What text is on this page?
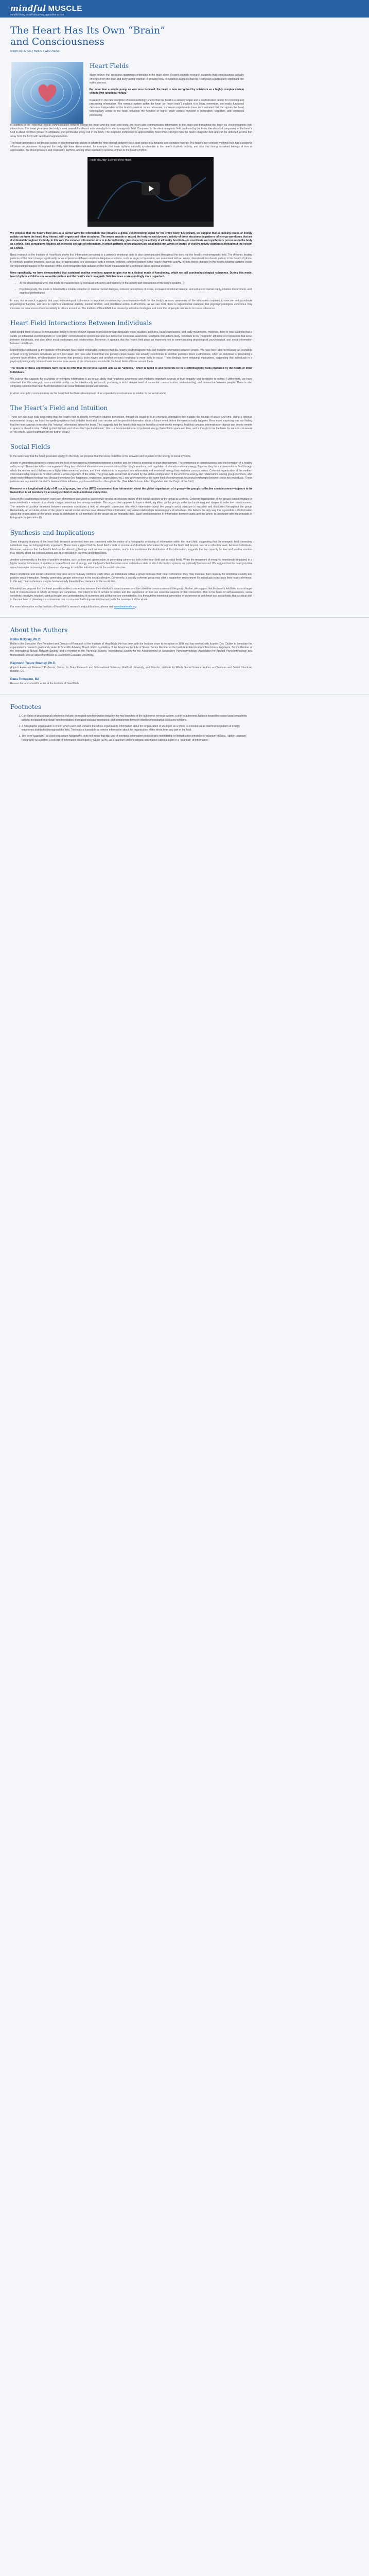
mindful MUSCLE
mindful living is self-discovery, a positive action
The Heart Has Its Own “Brain” and Consciousness
MINDFULLIVING | BRAIN / WELLNESS
Heart Fields

Many believe that conscious awareness originates in the brain alone. Recent scientific research suggests that consciousness actually emerges from the brain and body acting together. A growing body of evidence suggests that the heart plays a particularly significant role in this process.

Far more than a simple pump, as was once believed, the heart is now recognized by scientists as a highly complex system with its own functional “brain.”

Research in the new discipline of neurocardiology shows that the heart is a sensory organ and a sophisticated center for receiving and processing information. The nervous system within the heart (or “heart brain”) enables it to learn, remember, and make functional decisions independent of the brain’s cerebral cortex. Moreover, numerous experiments have demonstrated that the signals the heart continuously sends to the brain influence the function of higher brain centers involved in perception, cognition, and emotional processing.

In addition to the extensive neural communication network linking the heart and the brain and body, the heart also communicates information to the brain and throughout the body via electromagnetic field interactions. The heart generates the body’s most powerful and most extensive rhythmic electromagnetic field. Compared to the electromagnetic field produced by the brain, the electrical component of the heart’s field is about 60 times greater in amplitude, and permeates every cell in the body. The magnetic component is approximately 5000 times stronger than the brain’s magnetic field and can be detected several feet away from the body with sensitive magnetometers.

The heart generates a continuous series of electromagnetic pulses in which the time interval between each beat varies in a dynamic and complex manner. The heart’s ever-present rhythmic field has a powerful influence on processes throughout the body. We have demonstrated, for example, that brain rhythms naturally synchronize to the heart’s rhythmic activity, and also that during sustained feelings of love or appreciation, the blood pressure and respiratory rhythms, among other oscillatory systems, entrain to the heart’s rhythm.

Rollin McCraty: Science of the Heart

We propose that the heart’s field acts as a carrier wave for information that provides a global synchronizing signal for the entire body. Specifically, we suggest that as pulsing waves of energy radiate out from the heart, they interact with organs and other structures. The waves encode or record the features and dynamic activity of these structures in patterns of energy waveforms that are distributed throughout the body. In this way, the encoded information acts to in-form (literally, give shape to) the activity of all bodily functions—to coordinate and synchronize processes in the body as a whole. This perspective requires an energetic concept of information, in which patterns of organization are embedded into waves of energy of system activity distributed throughout the system as a whole.

Basic research at the Institute of HeartMath shows that information pertaining to a person’s emotional state is also communicated throughout the body via the heart’s electromagnetic field. The rhythmic beating patterns of the heart change significantly as we experience different emotions. Negative emotions, such as anger or frustration, are associated with an erratic, disordered, incoherent pattern in the heart’s rhythms. In contrast, positive emotions, such as love or appreciation, are associated with a smooth, ordered, coherent pattern in the heart’s rhythmic activity. In turn, these changes in the heart’s beating patterns create corresponding changes in the structure of the electromagnetic field radiated by the heart, measurable by a technique called spectral analysis.

More specifically, we have demonstrated that sustained positive emotions appear to give rise to a distinct mode of functioning, which we call psychophysiological coherence. During this mode, heart rhythms exhibit a sine wave-like pattern and the heart’s electromagnetic field becomes correspondingly more organized.

• At the physiological level, this mode is characterized by increased efficiency and harmony in the activity and interactions of the body’s systems. (¹)
• Psychologically, this mode is linked with a notable reduction in internal mental dialogue, reduced perceptions of stress, increased emotional balance, and enhanced mental clarity, intuitive discernment, and cognitive performance.

In sum, our research suggests that psychophysiological coherence is important in enhancing consciousness—both for the body’s sensory awareness of the information required to execute and coordinate physiological function, and also to optimize emotional stability, mental function, and intentional action. Furthermore, as we see next, there is experimental evidence that psychophysiological coherence may increase our awareness of and sensitivity to others around us. The Institute of HeartMath has created practical technologies and tools that all people can use to increase coherence.

Heart Field Interactions Between Individuals

Most people think of social communication solely in terms of overt signals expressed through language, voice qualities, gestures, facial expressions, and body movements. However, there is now evidence that a subtle yet influential electromagnetic or “energetic” communication system operates just below our conscious awareness. Energetic interactions likely contribute to the “magnetic” attractions or repulsions that occur between individuals, and also affect social exchanges and relationships. Moreover, it appears that the heart’s field plays an important role in communicating physiological, psychological, and social information between individuals.

Experiments conducted at the Institute of HeartMath have found remarkable evidence that the heart’s electromagnetic field can transmit information between people. We have been able to measure an exchange of heart energy between individuals up to 5 feet apart. We have also found that one person’s brain waves can actually synchronize to another person’s heart. Furthermore, when an individual is generating a coherent heart rhythm, synchronization between that person’s brain waves and another person’s heartbeat is more likely to occur. These findings have intriguing implications, suggesting that individuals in a psychophysiologically coherent state become more aware of the information encoded in the heart fields of those around them.

The results of these experiments have led us to infer that the nervous system acts as an “antenna,” which is tuned to and responds to the electromagnetic fields produced by the hearts of other individuals.

We believe this capacity for exchange of energetic information is an innate ability that heightens awareness and mediates important aspects of true empathy and sensitivity to others. Furthermore, we have observed that this energetic communication ability can be intentionally enhanced, producing a much deeper level of nonverbal communication, understanding, and connection between people. There is also intriguing evidence that heart field interactions can occur between people and animals.

In short, energetic communication via the heart field facilitates development of an expanded consciousness in relation to our social world.

The Heart’s Field and Intuition

There are also new data suggesting that the heart’s field is directly involved in intuitive perception, through its coupling to an energetic information field outside the bounds of space and time. Using a rigorous experimental design, we found compelling evidence that both the heart and brain receive and respond to information about a future event before the event actually happens. Even more surprising was our finding that the heart appears to receive this “intuitive” information before the brain. This suggests that the heart’s field may be linked to a more subtle energetic field that contains information on objects and events remote in space or ahead in time. Called by Karl Pribram and others the “spectral domain,” this is a fundamental order of potential energy that enfolds space and time, and is thought to be the basis for our consciousness of “the whole.” (See heartmath.org for further detail.)

Social Fields

In the same way that the heart generates energy in the body, we propose that the social collective is the activator and regulator of the energy in social systems.

A body of groundbreaking work shows how the field of interpersonal information between a mother and her infant is essential to brain development. The emergence of consciousness, and the formation of a healthy self-concept. These interactions are organized along two relational dimensions—communication of the baby’s emotions, and regulation of shared emotional energy. Together they form a bio-emotional field through which the mother and child become a highly interconnected system, and their relationship is organized into information and emotional energy that mediates consciousness. Coherent organization of the mother-child relationship shapes its direction within a whole-organism of the other. The group-wide social field is shaped by the stable configuration of the emotional energy and relationships among group members, who share many different feelings and pleasant emotions (joy, happiness, excitement, appreciation, etc.), and who experience the same kind of synchronous, reciprocal exchanges between these two individuals. These patterns are imprinted in the child’s brain and thus influence psychosocial function throughout life. (See Allan Schore, Affect Regulation and the Origin of the Self.)

Moreover in a longitudinal study of 46 social groups, one of us (RTB) documented how information about the global organization of a group—the group’s collective consciousness—appears to be transmitted to all members by an energetic field of socio-emotional connection.

Data on the relationships between each pair of members was used to successfully predict an accurate image of the social structure of the group as a whole. Coherent organization of the group’s social structure is associated with a network of positively charged emotional ties among members. This organization appears to have a stabilizing effect on the group’s collective functioning and shapes its collective consciousness. The network of positive emotions between members constitutes a field of energetic connection into which information about the group’s social structure is encoded and distributed throughout the group. Remarkably, an accurate picture of the group’s overall social structure was obtained from information only about relationships between pairs of individuals. We believe the only way this is possible is if information about the organization of the whole group is distributed to all members of the group via an energetic field. Such correspondence in information between parts and the whole is consistent with the principle of holographic organization (²).

Synthesis and Implications

Some intriguing features of the heart field research presented here are consistent with the notion of a holographic encoding of information within the heart field, suggesting that the energetic field connecting individuals may be holographically organized. These data suggest that the heart field is able to encode and distribute information throughout the body and beyond, and at a collective level, between individuals. Moreover, evidence that the heart’s field can be altered by feelings such as love or appreciation, and in turn modulates the distribution of this information, suggests that our capacity for love and positive emotion may directly affect our consciousness and its expression in our lives and interactions.

Another commonality is the role of positive emotions, such as love and appreciation, in generating coherence both in the heart field and in social fields. When the movement of energy is intentionally regulated to a higher level of coherence, it enables a more efficient use of energy, and the heart’s field becomes more ordered—a state in which the body’s systems are optimally harmonized. We suggest that the heart provides a mechanism for increasing the coherence of energy in both the individual and in the social collective.

Heart coherence and social coherence may also act to mutually reinforce each other. As individuals within a group increase their heart coherence, they may increase their capacity for emotional stability and positive social interaction, thereby generating greater coherence in the social collective. Conversely, a socially coherent group may offer a supportive environment for individuals to increase their heart coherence. In this way, heart coherence may be fundamentally linked to the coherence of the social field.

Ultimately, we propose that the heart provides a direct connection between the individual’s consciousness and the collective consciousness of the group. Further, we suggest that the heart’s field links us to a larger field of consciousness in which all things are connected. The intent to be of service to others and the experience of love are essential aspects of this connection. This is the basis of self-awareness, social sensitivity, creativity, intuition, spiritual insight, and understanding of ourselves and all that we are connected to. It is through the intentional generation of coherence in both heart and social fields that a critical shift to the next level of planetary consciousness can occur—one that brings us into harmony with the movement of the whole.

For more information on the Institute of HeartMath’s research and publications, please visit www.heartmath.org

About the Authors
Rollin McCraty, Ph.D.

Rollin is the Executive Vice President and Director of Research of the Institute of HeartMath. He has been with the Institute since its inception in 1991 and has worked with founder Doc Childre to formulate the organization’s research goals and create its Scientific Advisory Board. Rollin is a Fellow of the American Institute of Stress, Senior Member of the Institute of Electrical and Electronics Engineers, Senior Member of the International Neural Network Society, and a member of the Pavlovian Society, International Society for the Advancement of Respiratory Psychophysiology, Association for Applied Psychophysiology and Biofeedback, and an adjunct professor at Claremont Graduate University.

Raymond Trevor Bradley, Ph.D.

Adjunct Associate Research Professor, Center for Brain Research and Informational Sciences, Radford University, and Director, Institute for Whole Social Science. Author — Charisma and Social Structure; Boulder, CO.

Dana Tomasino, BA

Researcher and scientific writer at the Institute of HeartMath.

Footnotes
1. Correlates of physiological coherence include: increased synchronization between the two branches of the autonomic nervous system, a shift in autonomic balance toward increased parasympathetic activity, increased heart-brain synchronization, increased vascular resonance, and entrainment between diverse physiological oscillatory systems.
2. A holographic organization is one in which each part contains the whole organization. Information about the organization of an object as a whole is encoded as an interference pattern of energy waveforms distributed throughout the field. This makes it possible to retrieve information about the organization of the whole from any part of the field.
3. The term “quantum,” as used in quantum holography, does not mean that this kind of energetic information processing is restricted to or limited to the principles of quantum physics. Rather, quantum holography is based on a concept of information developed by Gabor (1946) as a quantum unit of energetic information called a logon or a “quantum” of information.
